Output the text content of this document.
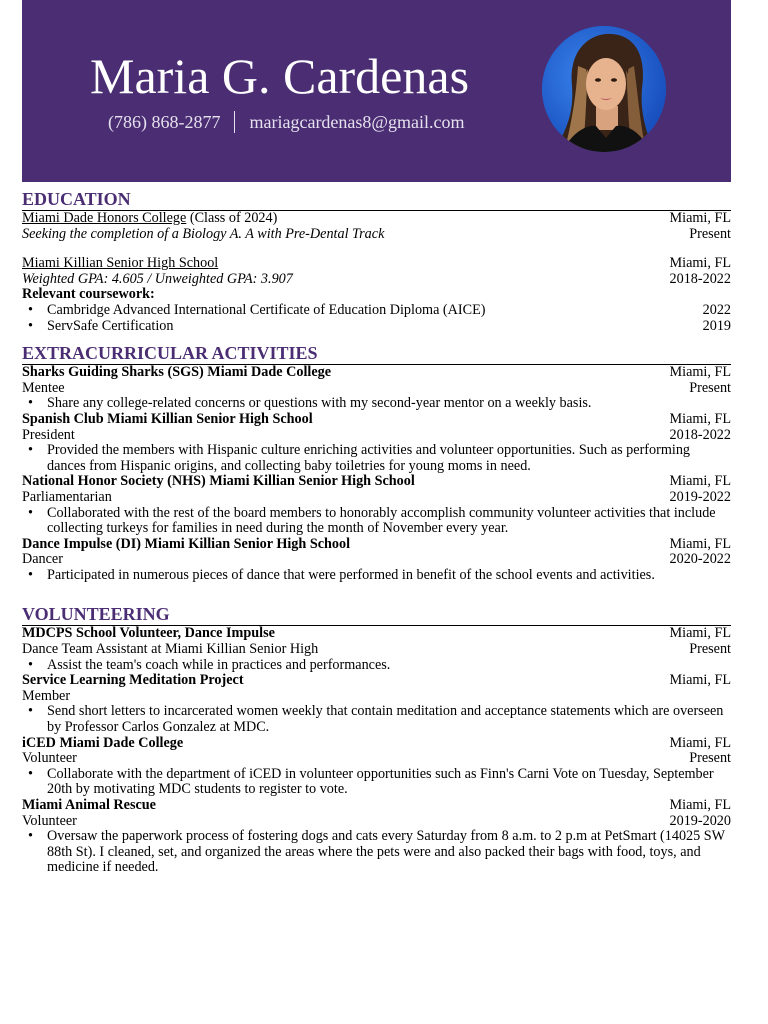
Maria G. Cardenas
(786) 868-2877 mariagcardenas8@gmail.com
EDUCATION
Miami Dade Honors College (Class of 2024)	Miami, FL
Seeking the completion of a Biology A. A with Pre-Dental Track	Present
Miami Killian Senior High School	Miami, FL
Weighted GPA: 4.605 / Unweighted GPA: 3.907	2018-2022
Relevant coursework:
• Cambridge Advanced International Certificate of Education Diploma (AICE)	2022
• ServSafe Certification	2019
EXTRACURRICULAR ACTIVITIES
Sharks Guiding Sharks (SGS) Miami Dade College	Miami, FL
Mentee	Present
• Share any college-related concerns or questions with my second-year mentor on a weekly basis.
Spanish Club Miami Killian Senior High School	Miami, FL
President	2018-2022
• Provided the members with Hispanic culture enriching activities and volunteer opportunities. Such as performing dances from Hispanic origins, and collecting baby toiletries for young moms in need.
National Honor Society (NHS) Miami Killian Senior High School	Miami, FL
Parliamentarian	2019-2022
• Collaborated with the rest of the board members to honorably accomplish community volunteer activities that include collecting turkeys for families in need during the month of November every year.
Dance Impulse (DI) Miami Killian Senior High School	Miami, FL
Dancer	2020-2022
• Participated in numerous pieces of dance that were performed in benefit of the school events and activities.
VOLUNTEERING
MDCPS School Volunteer, Dance Impulse	Miami, FL
Dance Team Assistant at Miami Killian Senior High	Present
• Assist the team's coach while in practices and performances.
Service Learning Meditation Project	Miami, FL
Member
• Send short letters to incarcerated women weekly that contain meditation and acceptance statements which are overseen by Professor Carlos Gonzalez at MDC.
iCED Miami Dade College	Miami, FL
Volunteer	Present
• Collaborate with the department of iCED in volunteer opportunities such as Finn's Carni Vote on Tuesday, September 20th by motivating MDC students to register to vote.
Miami Animal Rescue	Miami, FL
Volunteer	2019-2020
• Oversaw the paperwork process of fostering dogs and cats every Saturday from 8 a.m. to 2 p.m at PetSmart (14025 SW 88th St). I cleaned, set, and organized the areas where the pets were and also packed their bags with food, toys, and medicine if needed.
